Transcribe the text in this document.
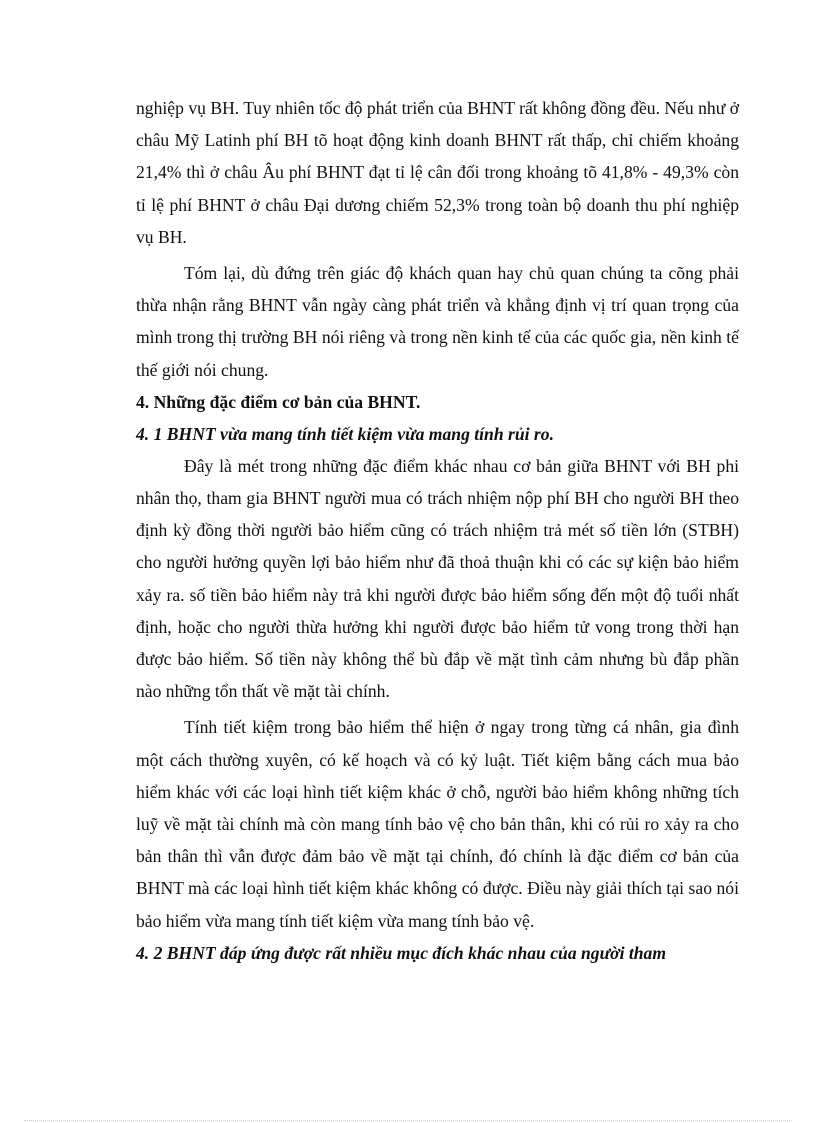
nghiệp vụ BH. Tuy nhiên tốc độ phát triển của BHNT rất không đồng đều. Nếu như ở châu Mỹ Latinh phí BH tõ hoạt động kinh doanh BHNT rất thấp, chỉ chiếm khoảng 21,4% thì ở châu Âu phí BHNT đạt tỉ lệ cân đối trong khoảng tõ 41,8% - 49,3% còn tỉ lệ phí BHNT ở châu Đại dương chiếm 52,3% trong toàn bộ doanh thu phí nghiệp vụ BH.

Tóm lại, dù đứng trên giác độ khách quan hay chủ quan chúng ta cõng phải thừa nhận rằng BHNT vẫn ngày càng phát triển và khẳng định vị trí quan trọng của mình trong thị trường BH nói riêng và trong nền kinh tế của các quốc gia, nền kinh tế thế giới nói chung.

4. Những đặc điểm cơ bản của BHNT.
4. 1 BHNT vừa mang tính tiết kiệm vừa mang tính rủi ro.

Đây là mét trong những đặc điểm khác nhau cơ bản giữa BHNT với BH phi nhân thọ, tham gia BHNT người mua có trách nhiệm nộp phí BH cho người BH theo định kỳ đồng thời người bảo hiểm cũng có trách nhiệm trả mét số tiền lớn (STBH) cho người hưởng quyền lợi bảo hiểm như đã thoả thuận khi có các sự kiện bảo hiểm xảy ra. số tiền bảo hiểm này trả khi người được bảo hiểm sống đến một độ tuổi nhất định, hoặc cho người thừa hưởng khi người được bảo hiểm tử vong trong thời hạn được bảo hiểm. Số tiền này không thể bù đắp về mặt tình cảm nhưng bù đắp phần nào những tổn thất về mặt tài chính.

Tính tiết kiệm trong bảo hiểm thể hiện ở ngay trong từng cá nhân, gia đình một cách thường xuyên, có kế hoạch và có kỷ luật. Tiết kiệm bằng cách mua bảo hiểm khác với các loại hình tiết kiệm khác ở chỗ, người bảo hiểm không những tích luỹ về mặt tài chính mà còn mang tính bảo vệ cho bản thân, khi có rủi ro xảy ra cho bản thân thì vẫn được đảm bảo về mặt tại chính, đó chính là đặc điểm cơ bản của BHNT mà các loại hình tiết kiệm khác không có được. Điều này giải thích tại sao nói bảo hiểm vừa mang tính tiết kiệm vừa mang tính bảo vệ.

4. 2 BHNT đáp ứng được rất nhiều mục đích khác nhau của người tham
